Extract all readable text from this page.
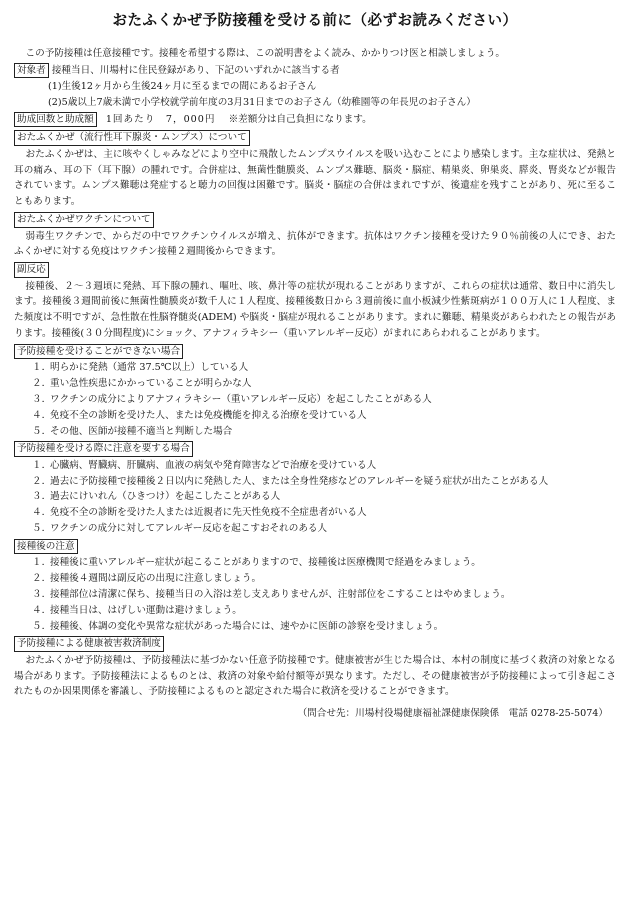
おたふくかぜ予防接種を受ける前に（必ずお読みください）

この予防接種は任意接種です。接種を希望する際は、この説明書をよく読み、かかりつけ医と相談しましょう。

対象者 接種当日、川場村に住民登録があり、下記のいずれかに該当する者
(1)生後12ヶ月から生後24ヶ月に至るまでの間にあるお子さん
(2)5歳以上7歳未満で小学校就学前年度の3月31日までのお子さん（幼稚園等の年長児のお子さん）
助成回数と助成額 1回あたり　7，000円 ※差額分は自己負担になります。
おたふくかぜ（流行性耳下腺炎・ムンプス）について

おたふくかぜは、主に咳やくしゃみなどにより空中に飛散したムンプスウイルスを吸い込むことにより感染します。主な症状は、発熱と耳の痛み、耳の下（耳下腺）の腫れです。合併症は、無菌性髄膜炎、ムンプス難聴、脳炎・脳症、精巣炎、卵巣炎、膵炎、腎炎などが報告されています。ムンプス難聴は発症すると聴力の回復は困難です。脳炎・脳症の合併はまれですが、後遺症を残すことがあり、死に至ることもあります。

おたふくかぜワクチンについて

弱毒生ワクチンで、からだの中でワクチンウイルスが増え、抗体ができます。抗体はワクチン接種を受けた９０％前後の人にでき、おたふくかぜに対する免疫はワクチン接種２週間後からできます。

副反応

接種後、２〜３週頃に発熱、耳下腺の腫れ、嘔吐、咳、鼻汁等の症状が現れることがありますが、これらの症状は通常、数日中に消失します。接種後３週間前後に無菌性髄膜炎が数千人に１人程度、接種後数日から３週前後に血小板減少性紫斑病が１００万人に１人程度、また頻度は不明ですが、急性散在性脳脊髄炎(ADEM) や脳炎・脳症が現れることがあります。まれに難聴、精巣炎があらわれたとの報告があります。接種後(３０分間程度)にショック、アナフィラキシー（重いアレルギー反応）がまれにあらわれることがあります。

予防接種を受けることができない場合
１．明らかに発熱（通常 37.5℃以上）している人
２．重い急性疾患にかかっていることが明らかな人
３．ワクチンの成分によりアナフィラキシー（重いアレルギー反応）を起こしたことがある人
４．免疫不全の診断を受けた人、または免疫機能を抑える治療を受けている人
５．その他、医師が接種不適当と判断した場合
予防接種を受ける際に注意を要する場合
１．心臓病、腎臓病、肝臓病、血液の病気や発育障害などで治療を受けている人
２．過去に予防接種で接種後２日以内に発熱した人、または全身性発疹などのアレルギーを疑う症状が出たことがある人
３．過去にけいれん（ひきつけ）を起こしたことがある人
４．免疫不全の診断を受けた人または近親者に先天性免疫不全症患者がいる人
５．ワクチンの成分に対してアレルギー反応を起こすおそれのある人
接種後の注意
１．接種後に重いアレルギー症状が起こることがありますので、接種後は医療機関で経過をみましょう。
２．接種後４週間は副反応の出現に注意しましょう。
３．接種部位は清潔に保ち、接種当日の入浴は差し支えありませんが、注射部位をこすることはやめましょう。
４．接種当日は、はげしい運動は避けましょう。
５．接種後、体調の変化や異常な症状があった場合には、速やかに医師の診察を受けましょう。
予防接種による健康被害救済制度

おたふくかぜ予防接種は、予防接種法に基づかない任意予防接種です。健康被害が生じた場合は、本村の制度に基づく救済の対象となる場合があります。予防接種法によるものとは、救済の対象や給付額等が異なります。ただし、その健康被害が予防接種によって引き起こされたものか因果関係を審議し、予防接種によるものと認定された場合に救済を受けることができます。

（問合せ先：川場村役場健康福祉課健康保険係　電話 0278-25-5074）
